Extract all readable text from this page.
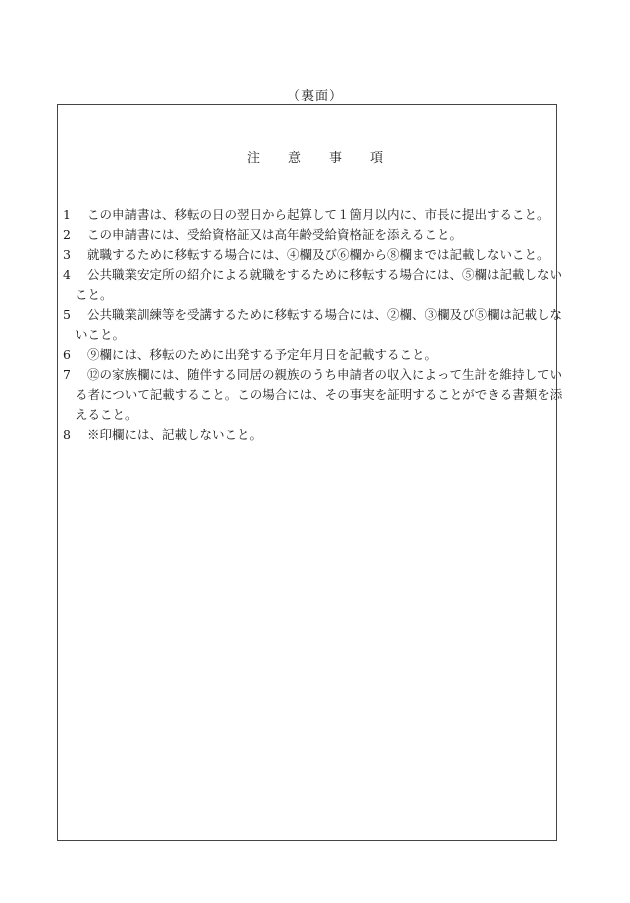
（裏面）
注 意 事 項
1	この申請書は、移転の日の翌日から起算して１箇月以内に、市長に提出すること。
2	この申請書には、受給資格証又は高年齢受給資格証を添えること。
3	就職するために移転する場合には、④欄及び⑥欄から⑧欄までは記載しないこと。
4	公共職業安定所の紹介による就職をするために移転する場合には、⑤欄は記載しない
こと。
5	公共職業訓練等を受講するために移転する場合には、②欄、③欄及び⑤欄は記載しな
いこと。
6	⑨欄には、移転のために出発する予定年月日を記載すること。
7	⑫の家族欄には、随伴する同居の親族のうち申請者の収入によって生計を維持してい
る者について記載すること。この場合には、その事実を証明することができる書類を添
えること。
8	※印欄には、記載しないこと。
